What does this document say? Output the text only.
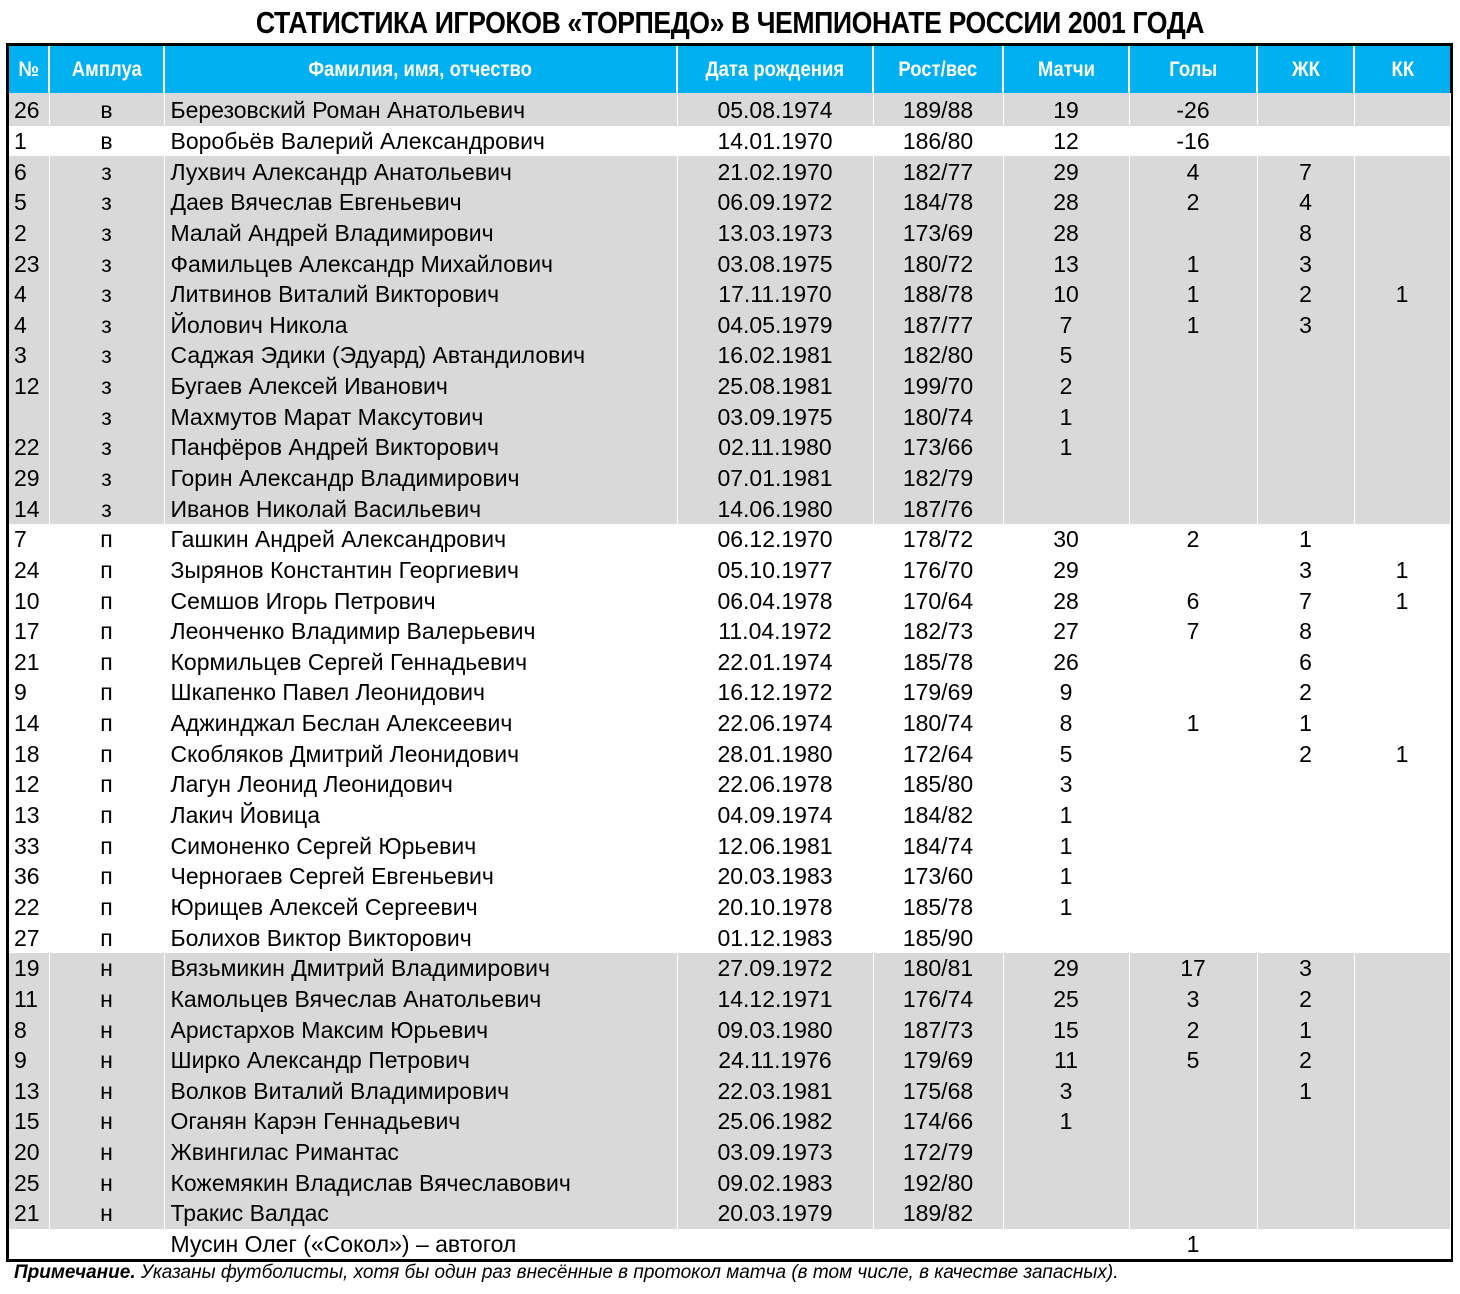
СТАТИСТИКА ИГРОКОВ «ТОРПЕДО» В ЧЕМПИОНАТЕ РОССИИ 2001 ГОДА
№	Амплуа	Фамилия, имя, отчество	Дата рождения	Рост/вес	Матчи	Голы	ЖК	КК
26	в	Березовский Роман Анатольевич	05.08.1974	189/88	19	-26		
1	в	Воробьёв Валерий Александрович	14.01.1970	186/80	12	-16		
6	з	Лухвич Александр Анатольевич	21.02.1970	182/77	29	4	7	
5	з	Даев Вячеслав Евгеньевич	06.09.1972	184/78	28	2	4	
2	з	Малай Андрей Владимирович	13.03.1973	173/69	28		8	
23	з	Фамильцев Александр Михайлович	03.08.1975	180/72	13	1	3	
4	з	Литвинов Виталий Викторович	17.11.1970	188/78	10	1	2	1
4	з	Йолович Никола	04.05.1979	187/77	7	1	3	
3	з	Саджая Эдики (Эдуард) Автандилович	16.02.1981	182/80	5			
12	з	Бугаев Алексей Иванович	25.08.1981	199/70	2			
	з	Махмутов Марат Максутович	03.09.1975	180/74	1			
22	з	Панфёров Андрей Викторович	02.11.1980	173/66	1			
29	з	Горин Александр Владимирович	07.01.1981	182/79				
14	з	Иванов Николай Васильевич	14.06.1980	187/76				
7	п	Гашкин Андрей Александрович	06.12.1970	178/72	30	2	1	
24	п	Зырянов Константин Георгиевич	05.10.1977	176/70	29		3	1
10	п	Семшов Игорь Петрович	06.04.1978	170/64	28	6	7	1
17	п	Леонченко Владимир Валерьевич	11.04.1972	182/73	27	7	8	
21	п	Кормильцев Сергей Геннадьевич	22.01.1974	185/78	26		6	
9	п	Шкапенко Павел Леонидович	16.12.1972	179/69	9		2	
14	п	Аджинджал Беслан Алексеевич	22.06.1974	180/74	8	1	1	
18	п	Скобляков Дмитрий Леонидович	28.01.1980	172/64	5		2	1
12	п	Лагун Леонид Леонидович	22.06.1978	185/80	3			
13	п	Лакич Йовица	04.09.1974	184/82	1			
33	п	Симоненко Сергей Юрьевич	12.06.1981	184/74	1			
36	п	Черногаев Сергей Евгеньевич	20.03.1983	173/60	1			
22	п	Юрищев Алексей Сергеевич	20.10.1978	185/78	1			
27	п	Болихов Виктор Викторович	01.12.1983	185/90				
19	н	Вязьмикин Дмитрий Владимирович	27.09.1972	180/81	29	17	3	
11	н	Камольцев Вячеслав Анатольевич	14.12.1971	176/74	25	3	2	
8	н	Аристархов Максим Юрьевич	09.03.1980	187/73	15	2	1	
9	н	Ширко Александр Петрович	24.11.1976	179/69	11	5	2	
13	н	Волков Виталий Владимирович	22.03.1981	175/68	3		1	
15	н	Оганян Карэн Геннадьевич	25.06.1982	174/66	1			
20	н	Жвингилас Римантас	03.09.1973	172/79				
25	н	Кожемякин Владислав Вячеславович	09.02.1983	192/80				
21	н	Тракис Валдас	20.03.1979	189/82				
		Мусин Олег («Сокол») – автогол				1		
Примечание. Указаны футболисты, хотя бы один раз внесённые в протокол матча (в том числе, в качестве запасных).
